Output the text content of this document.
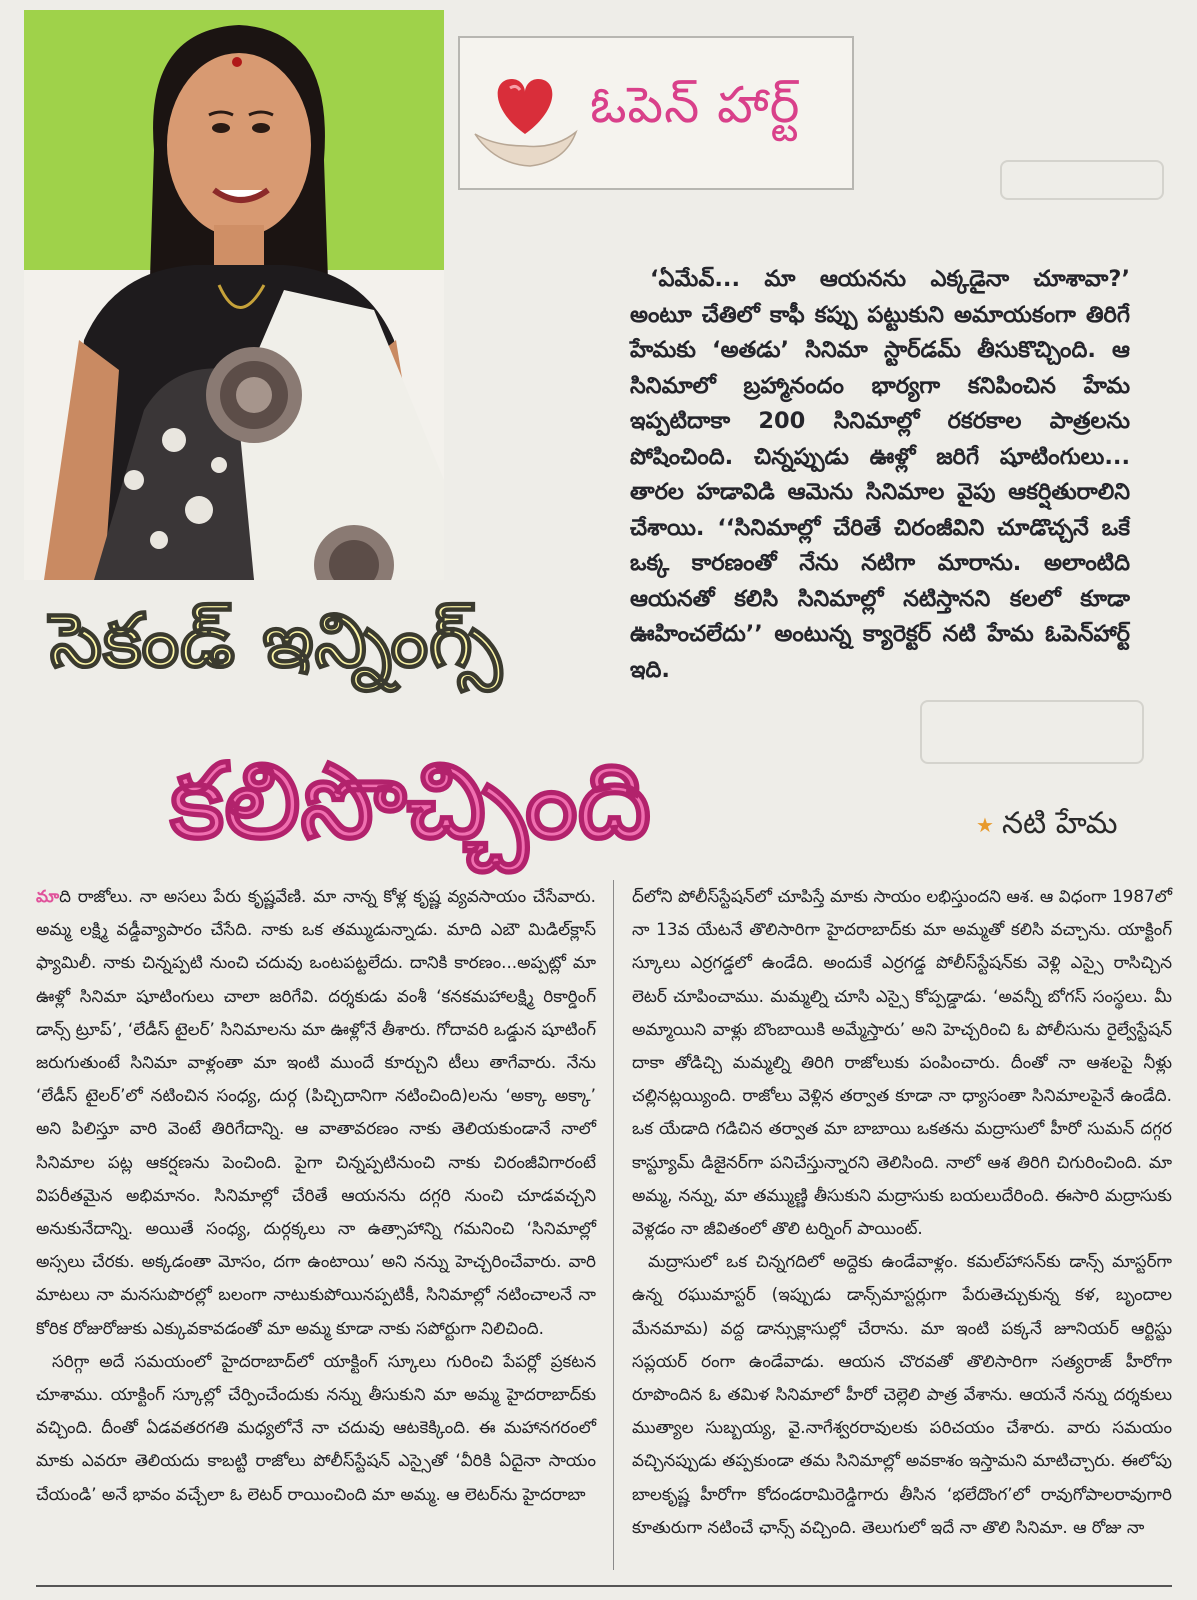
ఓపెన్ హార్ట్
సెకండ్ ఇన్నింగ్స్
కలిసొచ్చింది	★ నటి హేమ

‘ఏమేవ్... మా ఆయనను ఎక్కడైనా చూశావా?’ అంటూ చేతిలో కాఫీ కప్పు పట్టుకుని అమాయకంగా తిరిగే హేమకు ‘అతడు’ సినిమా స్టార్‌డమ్ తీసుకొచ్చింది. ఆ సినిమాలో బ్రహ్మానందం భార్యగా కనిపించిన హేమ ఇప్పటిదాకా 200 సినిమాల్లో రకరకాల పాత్రలను పోషించింది. చిన్నప్పుడు ఊళ్లో జరిగే షూటింగులు... తారల హడావిడి ఆమెను సినిమాల వైపు ఆకర్షితురాలిని చేశాయి. ‘‘సినిమాల్లో చేరితే చిరంజీవిని చూడొచ్చనే ఒకే ఒక్క కారణంతో నేను నటిగా మారాను. అలాంటిది ఆయనతో కలిసి సినిమాల్లో నటిస్తానని కలలో కూడా ఊహించలేదు’’ అంటున్న క్యారెక్టర్ నటి హేమ ఓపెన్‌హార్ట్ ఇది.

మాది రాజోలు. నా అసలు పేరు కృష్ణవేణి. మా నాన్న కోళ్ల కృష్ణ వ్యవసాయం చేసేవారు. అమ్మ లక్ష్మి వడ్డీవ్యాపారం చేసేది. నాకు ఒక తమ్ముడున్నాడు. మాది ఎబౌ మిడిల్‌క్లాస్ ఫ్యామిలీ. నాకు చిన్నప్పటి నుంచి చదువు ఒంటపట్టలేదు. దానికి కారణం...అప్పట్లో మా ఊళ్లో సినిమా షూటింగులు చాలా జరిగేవి. దర్శకుడు వంశీ ‘కనకమహాలక్ష్మి రికార్డింగ్ డాన్స్ ట్రూప్’, ‘లేడీస్ టైలర్’ సినిమాలను మా ఊళ్లోనే తీశారు. గోదావరి ఒడ్డున షూటింగ్ జరుగుతుంటే సినిమా వాళ్లంతా మా ఇంటి ముందే కూర్చుని టీలు తాగేవారు. నేను ‘లేడీస్ టైలర్’లో నటించిన సంధ్య, దుర్గ (పిచ్చిదానిగా నటించింది)లను ‘అక్కా అక్కా’ అని పిలిస్తూ వారి వెంటే తిరిగేదాన్ని. ఆ వాతావరణం నాకు తెలియకుండానే నాలో సినిమాల పట్ల ఆకర్షణను పెంచింది. పైగా చిన్నప్పటినుంచి నాకు చిరంజీవిగారంటే విపరీతమైన అభిమానం. సినిమాల్లో చేరితే ఆయనను దగ్గరి నుంచి చూడవచ్చని అనుకునేదాన్ని. అయితే సంధ్య, దుర్గక్కలు నా ఉత్సాహాన్ని గమనించి ‘సినిమాల్లో అస్సలు చేరకు. అక్కడంతా మోసం, దగా ఉంటాయి’ అని నన్ను హెచ్చరించేవారు. వారి మాటలు నా మనసుపొరల్లో బలంగా నాటుకుపోయినప్పటికీ, సినిమాల్లో నటించాలనే నా కోరిక రోజురోజుకు ఎక్కువకావడంతో మా అమ్మ కూడా నాకు సపోర్టుగా నిలిచింది.

సరిగ్గా అదే సమయంలో హైదరాబాద్‌లో యాక్టింగ్ స్కూలు గురించి పేపర్లో ప్రకటన చూశాము. యాక్టింగ్ స్కూల్లో చేర్పించేందుకు నన్ను తీసుకుని మా అమ్మ హైదరాబాద్‌కు వచ్చింది. దీంతో ఏడవతరగతి మధ్యలోనే నా చదువు ఆటకెక్కింది. ఈ మహానగరంలో మాకు ఎవరూ తెలియదు కాబట్టి రాజోలు పోలీస్‌స్టేషన్ ఎస్సైతో ‘వీరికి ఏదైనా సాయం చేయండి’ అనే భావం వచ్చేలా ఓ లెటర్ రాయించింది మా అమ్మ. ఆ లెటర్‌ను హైదరాబా

ద్‌లోని పోలీస్‌స్టేషన్‌లో చూపిస్తే మాకు సాయం లభిస్తుందని ఆశ. ఆ విధంగా 1987లో నా 13వ యేటనే తొలిసారిగా హైదరాబాద్‌కు మా అమ్మతో కలిసి వచ్చాను. యాక్టింగ్ స్కూలు ఎర్రగడ్డలో ఉండేది. అందుకే ఎర్రగడ్డ పోలీస్‌స్టేషన్‌కు వెళ్లి ఎస్సై రాసిచ్చిన లెటర్ చూపించాము. మమ్మల్ని చూసి ఎస్సై కోప్పడ్డాడు. ‘అవన్నీ బోగస్ సంస్థలు. మీ అమ్మాయిని వాళ్లు బొంబాయికి అమ్మేస్తారు’ అని హెచ్చరించి ఓ పోలీసును రైల్వేస్టేషన్ దాకా తోడిచ్చి మమ్మల్ని తిరిగి రాజోలుకు పంపించారు. దీంతో నా ఆశలపై నీళ్లు చల్లినట్లయ్యింది. రాజోలు వెళ్లిన తర్వాత కూడా నా ధ్యాసంతా సినిమాలపైనే ఉండేది. ఒక యేడాది గడిచిన తర్వాత మా బాబాయి ఒకతను మద్రాసులో హీరో సుమన్ దగ్గర కాస్ట్యూమ్ డిజైనర్‌గా పనిచేస్తున్నారని తెలిసింది. నాలో ఆశ తిరిగి చిగురించింది. మా అమ్మ, నన్ను, మా తమ్ముణ్ణి తీసుకుని మద్రాసుకు బయలుదేరింది. ఈసారి మద్రాసుకు వెళ్లడం నా జీవితంలో తొలి టర్నింగ్ పాయింట్.

మద్రాసులో ఒక చిన్నగదిలో అద్దెకు ఉండేవాళ్లం. కమల్‌హాసన్‌కు డాన్స్ మాస్టర్‌గా ఉన్న రఘుమాస్టర్ (ఇప్పుడు డాన్స్‌మాస్టర్లుగా పేరుతెచ్చుకున్న కళ, బృందాల మేనమామ) వద్ద డాన్సుక్లాసుల్లో చేరాను. మా ఇంటి పక్కనే జూనియర్ ఆర్టిస్టు సప్లయర్ రంగా ఉండేవాడు. ఆయన చొరవతో తొలిసారిగా సత్యరాజ్ హీరోగా రూపొందిన ఓ తమిళ సినిమాలో హీరో చెల్లెలి పాత్ర వేశాను. ఆయనే నన్ను దర్శకులు ముత్యాల సుబ్బయ్య, వై.నాగేశ్వరరావులకు పరిచయం చేశారు. వారు సమయం వచ్చినప్పుడు తప్పకుండా తమ సినిమాల్లో అవకాశం ఇస్తామని మాటిచ్చారు. ఈలోపు బాలకృష్ణ హీరోగా కోదండరామిరెడ్డిగారు తీసిన ‘భలేదొంగ’లో రావుగోపాలరావుగారి కూతురుగా నటించే ఛాన్స్ వచ్చింది. తెలుగులో ఇదే నా తొలి సినిమా. ఆ రోజు నా
